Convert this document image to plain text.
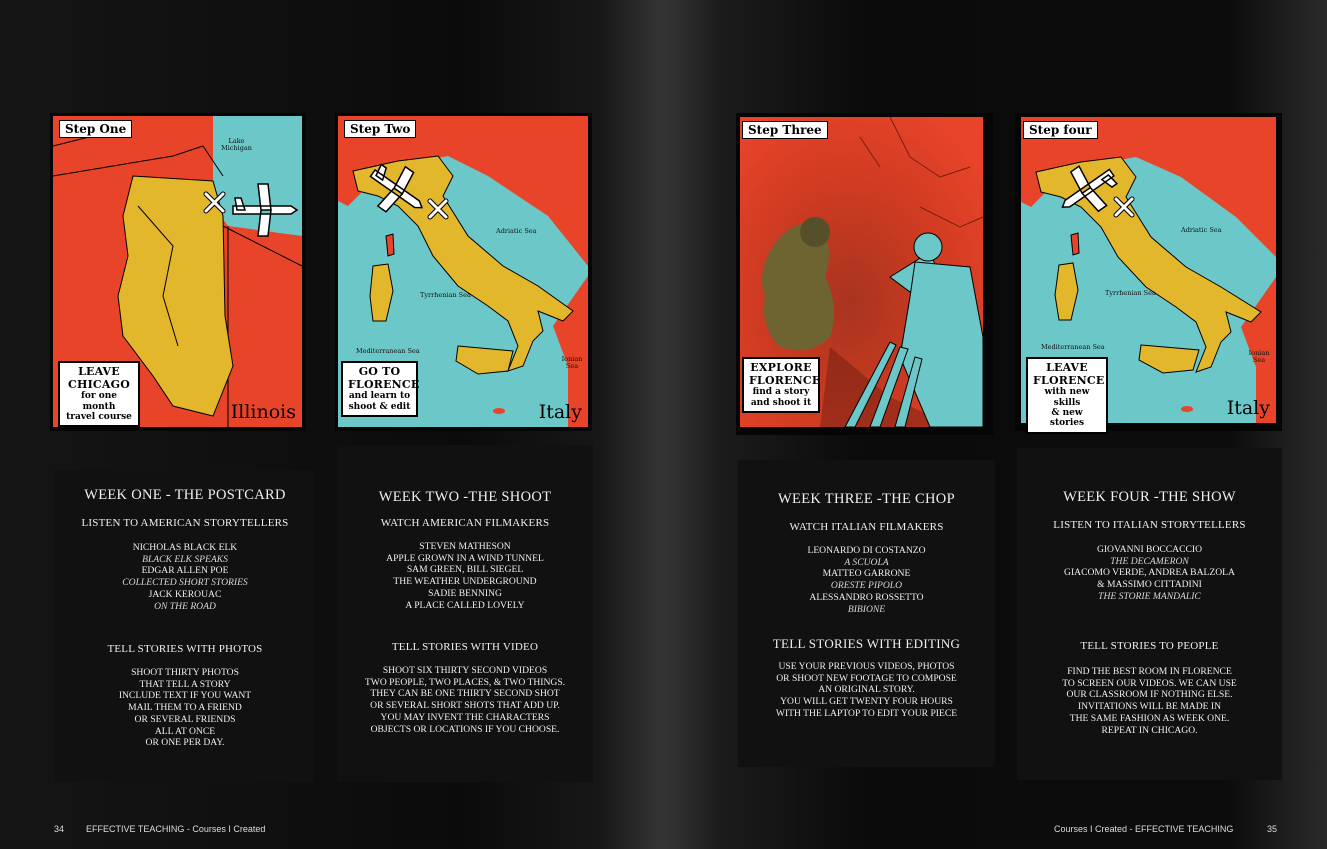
Lake Michigan
Step One
LEAVE
CHICAGO
for one month
travel course	Illinois
Adriatic Sea
Tyrrhenian Sea
Mediterranean Sea
Ionian Sea
Step Two
GO TO
FLORENCE
and learn to
shoot & edit	Italy
Step Three
EXPLORE
FLORENCE
find a story
and shoot it
Adriatic Sea
Tyrrhenian Sea
Mediterranean Sea
Ionian Sea
Step four
LEAVE
FLORENCE
with new skills
& new stories
Italy
WEEK ONE - THE POSTCARD
LISTEN TO AMERICAN STORYTELLERS
NICHOLAS BLACK ELK
BLACK ELK SPEAKS
EDGAR ALLEN POE
COLLECTED SHORT STORIES
JACK KEROUAC
ON THE ROAD
TELL STORIES WITH PHOTOS
SHOOT THIRTY PHOTOS
THAT TELL A STORY
INCLUDE TEXT IF YOU WANT
MAIL THEM TO A FRIEND
OR SEVERAL FRIENDS
ALL AT ONCE
OR ONE PER DAY.
WEEK TWO -THE SHOOT
WATCH AMERICAN FILMAKERS
STEVEN MATHESON
APPLE GROWN IN A WIND TUNNEL
SAM GREEN, BILL SIEGEL
THE WEATHER UNDERGROUND
SADIE BENNING
A PLACE CALLED LOVELY
TELL STORIES WITH VIDEO
SHOOT SIX THIRTY SECOND VIDEOS
TWO PEOPLE, TWO PLACES, & TWO THINGS.
THEY CAN BE ONE THIRTY SECOND SHOT
OR SEVERAL SHORT SHOTS THAT ADD UP.
YOU MAY INVENT THE CHARACTERS
OBJECTS OR LOCATIONS IF YOU CHOOSE.
WEEK THREE -THE CHOP
WATCH ITALIAN FILMAKERS
LEONARDO DI COSTANZO
A SCUOLA
MATTEO GARRONE
ORESTE PIPOLO
ALESSANDRO ROSSETTO
BIBIONE
TELL STORIES WITH EDITING
USE YOUR PREVIOUS VIDEOS, PHOTOS
OR SHOOT NEW FOOTAGE TO COMPOSE
AN ORIGINAL STORY.
YOU WILL GET TWENTY FOUR HOURS
WITH THE LAPTOP TO EDIT YOUR PIECE
WEEK FOUR -THE SHOW
LISTEN TO ITALIAN STORYTELLERS
GIOVANNI BOCCACCIO
THE DECAMERON
GIACOMO VERDE, ANDREA BALZOLA
& MASSIMO CITTADINI
THE STORIE MANDALIC
TELL STORIES TO PEOPLE
FIND THE BEST ROOM IN FLORENCE
TO SCREEN OUR VIDEOS. WE CAN USE
OUR CLASSROOM IF NOTHING ELSE.
INVITATIONS WILL BE MADE IN
THE SAME FASHION AS WEEK ONE.
REPEAT IN CHICAGO.
34 EFFECTIVE TEACHING - Courses I Created	Courses I Created - EFFECTIVE TEACHING	35
